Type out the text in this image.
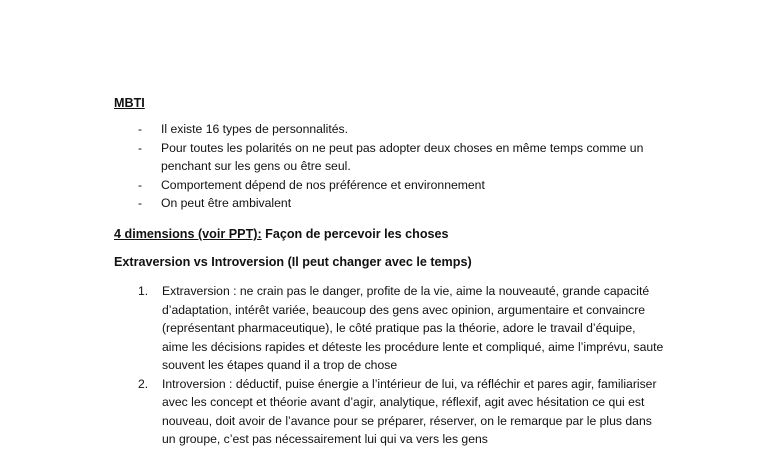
MBTI
- Il existe 16 types de personnalités.
- Pour toutes les polarités on ne peut pas adopter deux choses en même temps comme un penchant sur les gens ou être seul.
- Comportement dépend de nos préférence et environnement
- On peut être ambivalent
4 dimensions (voir PPT): Façon de percevoir les choses
Extraversion vs Introversion (Il peut changer avec le temps)
1. Extraversion : ne crain pas le danger, profite de la vie, aime la nouveauté, grande capacité d’adaptation, intérêt variée, beaucoup des gens avec opinion, argumentaire et convaincre (représentant pharmaceutique), le côté pratique pas la théorie, adore le travail d’équipe, aime les décisions rapides et déteste les procédure lente et compliqué, aime l’imprévu, saute souvent les étapes quand il a trop de chose
2. Introversion : déductif, puise énergie a l’intérieur de lui, va réfléchir et pares agir, familiariser avec les concept et théorie avant d’agir, analytique, réflexif, agit avec hésitation ce qui est nouveau, doit avoir de l’avance pour se préparer, réserver, on le remarque par le plus dans un groupe, c’est pas nécessairement lui qui va vers les gens
